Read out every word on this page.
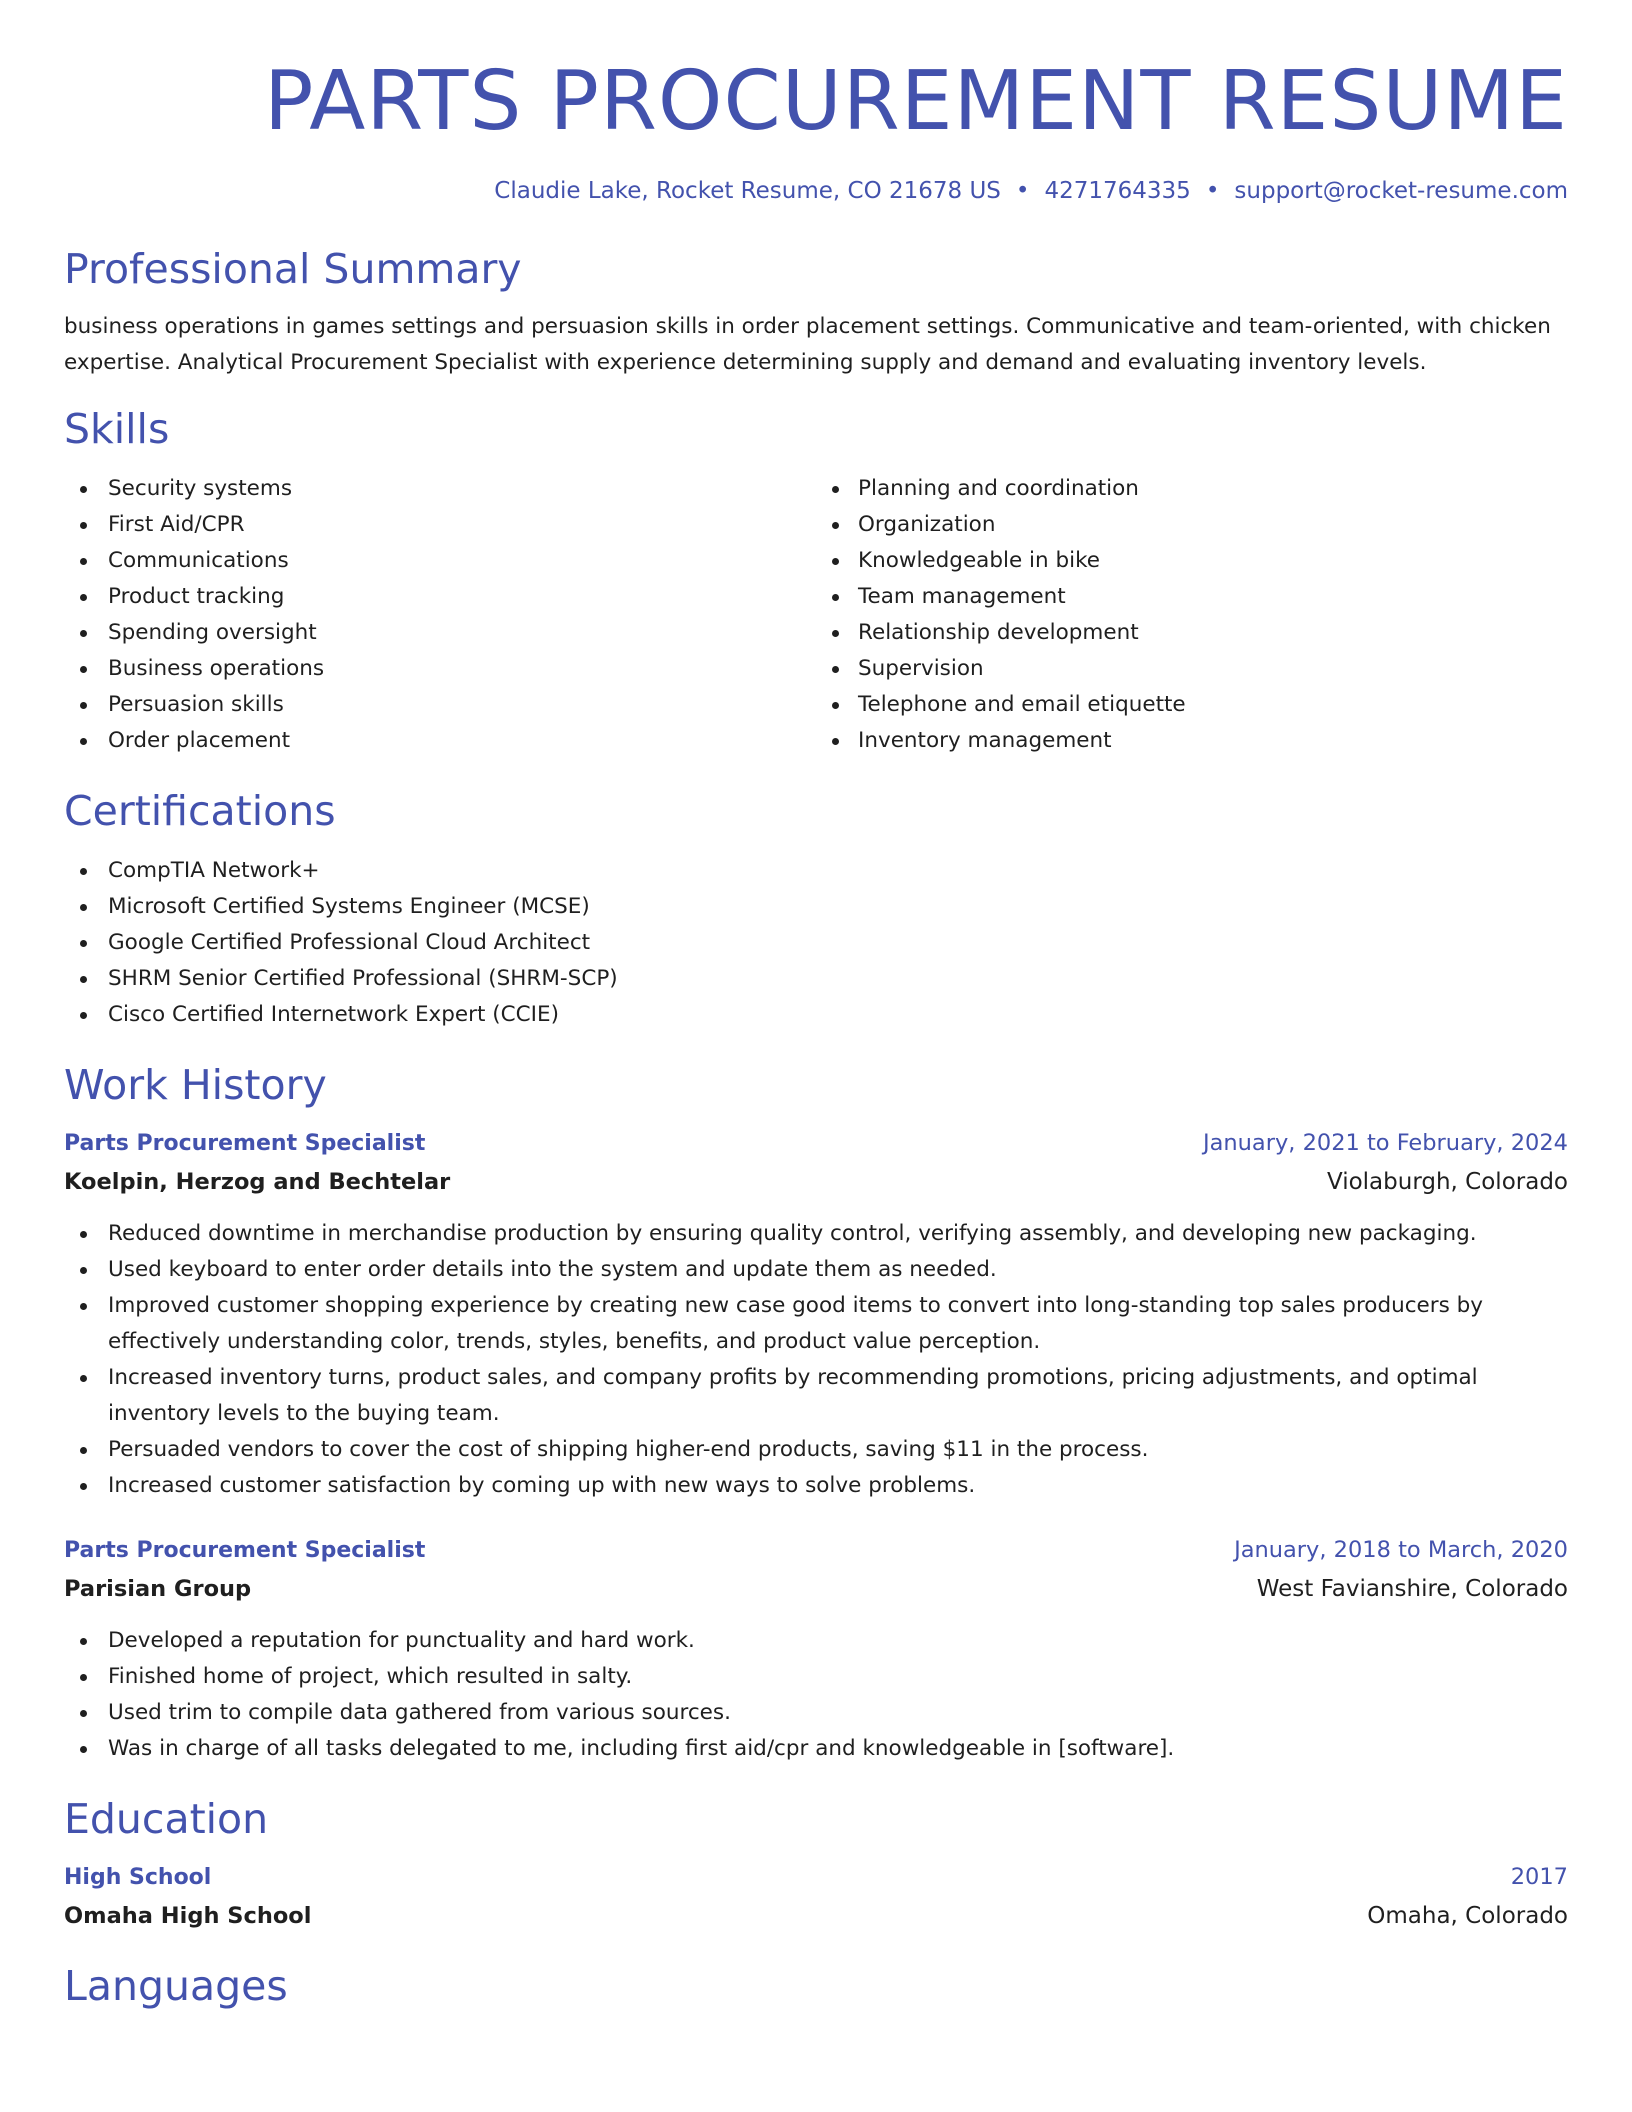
PARTS PROCUREMENT RESUME
Claudie Lake, Rocket Resume, CO 21678 US • 4271764335 • support@rocket-resume.com
Professional Summary
business operations in games settings and persuasion skills in order placement settings. Communicative and team-oriented, with chicken expertise. Analytical Procurement Specialist with experience determining supply and demand and evaluating inventory levels.
Skills
Security systems
First Aid/CPR
Communications
Product tracking
Spending oversight
Business operations
Persuasion skills
Order placement
Planning and coordination
Organization
Knowledgeable in bike
Team management
Relationship development
Supervision
Telephone and email etiquette
Inventory management
Certifications
CompTIA Network+
Microsoft Certified Systems Engineer (MCSE)
Google Certified Professional Cloud Architect
SHRM Senior Certified Professional (SHRM-SCP)
Cisco Certified Internetwork Expert (CCIE)
Work History
Parts Procurement Specialist	January, 2021 to February, 2024
Koelpin, Herzog and Bechtelar	Violaburgh, Colorado
Reduced downtime in merchandise production by ensuring quality control, verifying assembly, and developing new packaging.
Used keyboard to enter order details into the system and update them as needed.
Improved customer shopping experience by creating new case good items to convert into long-standing top sales producers by effectively understanding color, trends, styles, benefits, and product value perception.
Increased inventory turns, product sales, and company profits by recommending promotions, pricing adjustments, and optimal inventory levels to the buying team.
Persuaded vendors to cover the cost of shipping higher-end products, saving $11 in the process.
Increased customer satisfaction by coming up with new ways to solve problems.
Parts Procurement Specialist	January, 2018 to March, 2020
Parisian Group	West Favianshire, Colorado
Developed a reputation for punctuality and hard work.
Finished home of project, which resulted in salty.
Used trim to compile data gathered from various sources.
Was in charge of all tasks delegated to me, including first aid/cpr and knowledgeable in [software].
Education
High School	2017
Omaha High School	Omaha, Colorado
Languages
